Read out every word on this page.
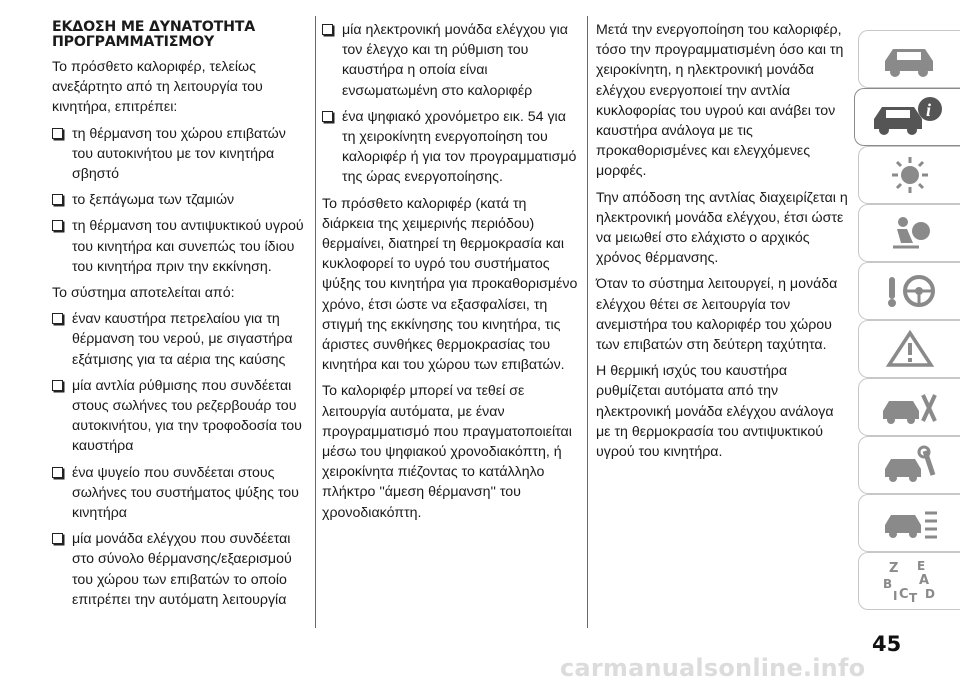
ΕΚΔΟΣΗ ΜΕ ΔΥΝΑΤΟΤΗΤΑ
ΠΡΟΓΡΑΜΜΑΤΙΣΜΟΥ

Το πρόσθετο καλοριφέρ, τελείως ανεξάρτητο από τη λειτουργία του κινητήρα, επιτρέπει:

τη θέρμανση του χώρου επιβατών του αυτοκινήτου με τον κινητήρα σβηστό
το ξεπάγωμα των τζαμιών
τη θέρμανση του αντιψυκτικού υγρού του κινητήρα και συνεπώς του ίδιου του κινητήρα πριν την εκκίνηση.

Το σύστημα αποτελείται από:

έναν καυστήρα πετρελαίου για τη θέρμανση του νερού, με σιγαστήρα εξάτμισης για τα αέρια της καύσης
μία αντλία ρύθμισης που συνδέεται στους σωλήνες του ρεζερβουάρ του αυτοκινήτου, για την τροφοδοσία του καυστήρα
ένα ψυγείο που συνδέεται στους σωλήνες του συστήματος ψύξης του κινητήρα
μία μονάδα ελέγχου που συνδέεται στο σύνολο θέρμανσης/εξαερισμού του χώρου των επιβατών το οποίο επιτρέπει την αυτόματη λειτουργία
μία ηλεκτρονική μονάδα ελέγχου για τον έλεγχο και τη ρύθμιση του καυστήρα η οποία είναι ενσωματωμένη στο καλοριφέρ
ένα ψηφιακό χρονόμετρο εικ. 54 για τη χειροκίνητη ενεργοποίηση του καλοριφέρ ή για τον προγραμματισμό της ώρας ενεργοποίησης.

Το πρόσθετο καλοριφέρ (κατά τη διάρκεια της χειμερινής περιόδου) θερμαίνει, διατηρεί τη θερμοκρασία και κυκλοφορεί το υγρό του συστήματος ψύξης του κινητήρα για προκαθορισμένο χρόνο, έτσι ώστε να εξασφαλίσει, τη στιγμή της εκκίνησης του κινητήρα, τις άριστες συνθήκες θερμοκρασίας του κινητήρα και του χώρου των επιβατών.

Το καλοριφέρ μπορεί να τεθεί σε λειτουργία αυτόματα, με έναν προγραμματισμό που πραγματοποιείται μέσω του ψηφιακού χρονοδιακόπτη, ή χειροκίνητα πιέζοντας το κατάλληλο πλήκτρο ''άμεση θέρμανση'' του χρονοδιακόπτη.

Μετά την ενεργοποίηση του καλοριφέρ, τόσο την προγραμματισμένη όσο και τη χειροκίνητη, η ηλεκτρονική μονάδα ελέγχου ενεργοποιεί την αντλία κυκλοφορίας του υγρού και ανάβει τον καυστήρα ανάλογα με τις προκαθορισμένες και ελεγχόμενες μορφές.

Την απόδοση της αντλίας διαχειρίζεται η ηλεκτρονική μονάδα ελέγχου, έτσι ώστε να μειωθεί στο ελάχιστο ο αρχικός χρόνος θέρμανσης.

Όταν το σύστημα λειτουργεί, η μονάδα ελέγχου θέτει σε λειτουργία τον ανεμιστήρα του καλοριφέρ του χώρου των επιβατών στη δεύτερη ταχύτητα.

Η θερμική ισχύς του καυστήρα ρυθμίζεται αυτόματα από την ηλεκτρονική μονάδα ελέγχου ανάλογα με τη θερμοκρασία του αντιψυκτικού υγρού του κινητήρα.

i
Z E
B A
I C T D
45
carmanualsonline.info
